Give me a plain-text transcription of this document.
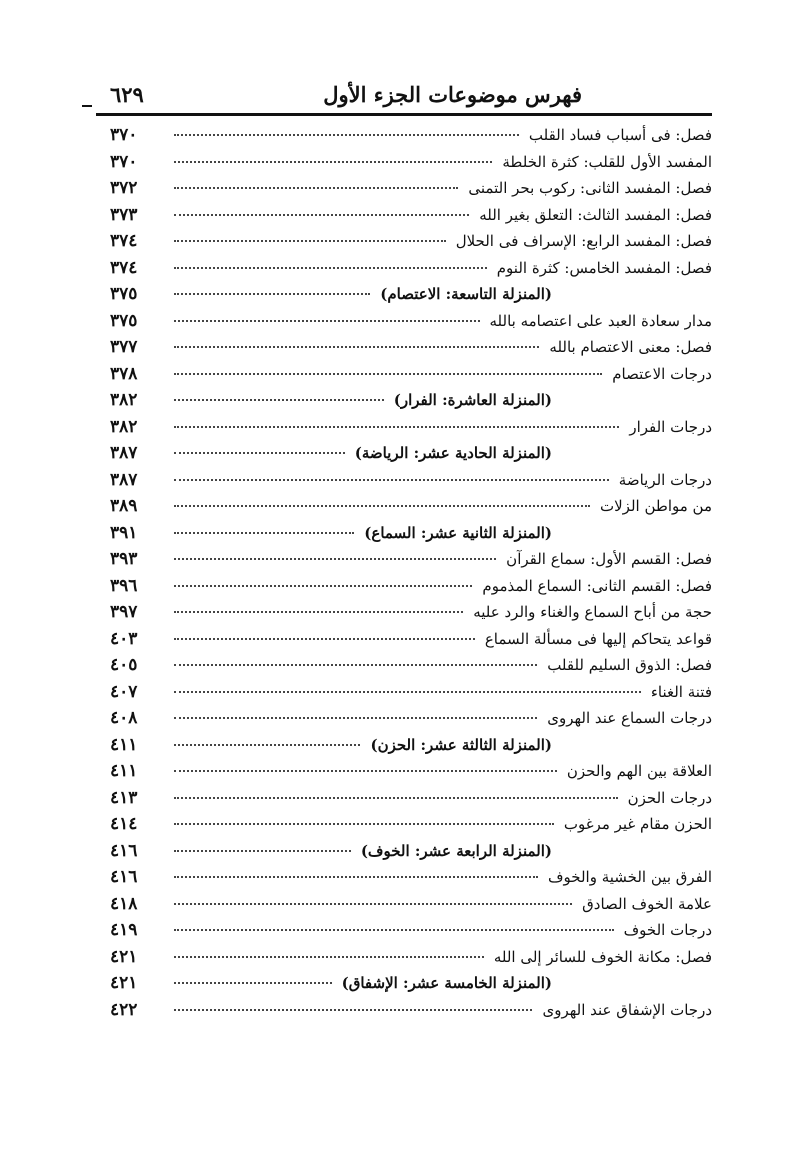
فهرس موضوعات الجزء الأول
٦٢٩
فصل: فى أسباب فساد القلب
٣٧٠
المفسد الأول للقلب: كثرة الخلطة
٣٧٠
فصل: المفسد الثانى: ركوب بحر التمنى
٣٧٢
فصل: المفسد الثالث: التعلق بغير الله
٣٧٣
فصل: المفسد الرابع: الإسراف فى الحلال
٣٧٤
فصل: المفسد الخامس: كثرة النوم
٣٧٤
(المنزلة التاسعة: الاعتصام)
٣٧٥
مدار سعادة العبد على اعتصامه بالله
٣٧٥
فصل: معنى الاعتصام بالله
٣٧٧
درجات الاعتصام
٣٧٨
(المنزلة العاشرة: الفرار)
٣٨٢
درجات الفرار
٣٨٢
(المنزلة الحادية عشر: الرياضة)
٣٨٧
درجات الرياضة
٣٨٧
من مواطن الزلات
٣٨٩
(المنزلة الثانية عشر: السماع)
٣٩١
فصل: القسم الأول: سماع القرآن
٣٩٣
فصل: القسم الثانى: السماع المذموم
٣٩٦
حجة من أباح السماع والغناء والرد عليه
٣٩٧
قواعد يتحاكم إليها فى مسألة السماع
٤٠٣
فصل: الذوق السليم للقلب
٤٠٥
فتنة الغناء
٤٠٧
درجات السماع عند الهروى
٤٠٨
(المنزلة الثالثة عشر: الحزن)
٤١١
العلاقة بين الهم والحزن
٤١١
درجات الحزن
٤١٣
الحزن مقام غير مرغوب
٤١٤
(المنزلة الرابعة عشر: الخوف)
٤١٦
الفرق بين الخشية والخوف
٤١٦
علامة الخوف الصادق
٤١٨
درجات الخوف
٤١٩
فصل: مكانة الخوف للسائر إلى الله
٤٢١
(المنزلة الخامسة عشر: الإشفاق)
٤٢١
درجات الإشفاق عند الهروى
٤٢٢
